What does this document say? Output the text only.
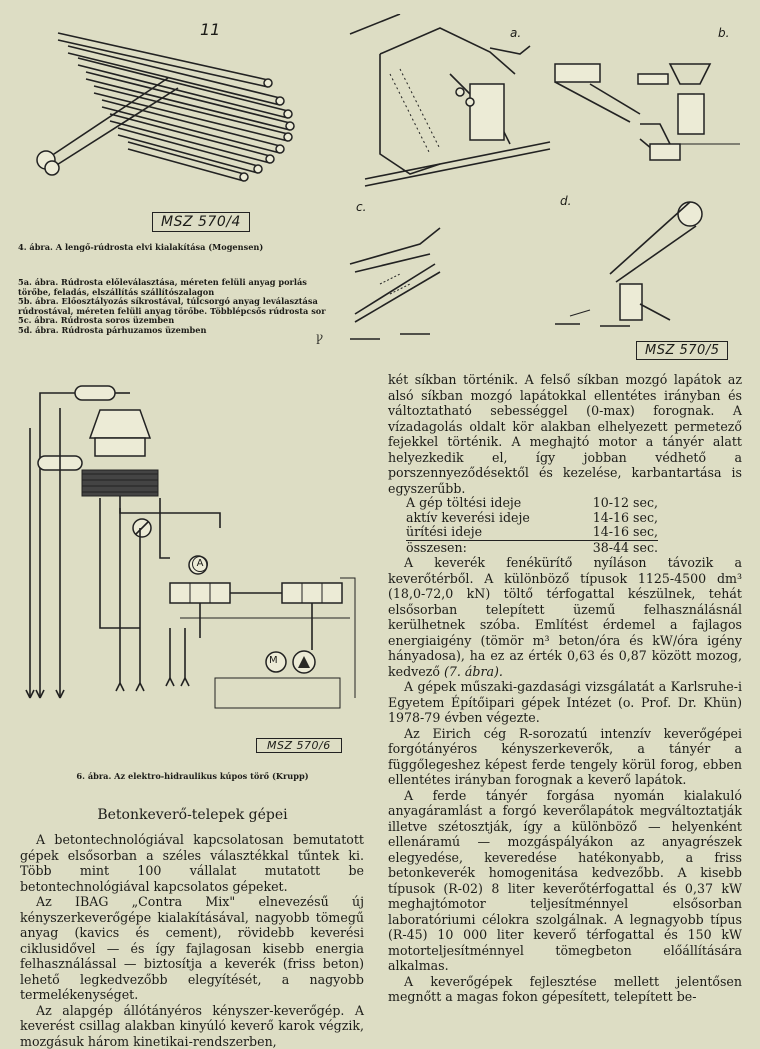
11
MSZ 570/4
4. ábra. A lengő-rúdrosta elvi kialakítása (Mogensen)
a.	b.
c.	d.
MSZ 570/5
5a. ábra. Rúdrosta előleválasztása, méreten felüli anyag porlás törőbe, feladás, elszállítás szállítószalagon
5b. ábra. Előosztályozás síkrostával, túlcsorgó anyag leválasztása rúdrostával, méreten felüli anyag törőbe. Többlépcsős rúdrosta sor
5c. ábra. Rúdrosta soros üzemben
5d. ábra. Rúdrosta párhuzamos üzemben
Ꝩ
A
M
MSZ 570/6
6. ábra. Az elektro-hidraulikus kúpos törő (Krupp)
Betonkeverő-telepek gépei

A betontechnológiával kapcsolatosan bemutatott gépek elsősorban a széles választékkal tűntek ki. Több mint 100 vállalat mutatott be betontechnológiával kapcsolatos gépeket.

Az IBAG „Contra Mix" elnevezésű új kényszerkeverőgépe kialakításával, nagyobb tömegű anyag (kavics és cement), rövidebb keverési ciklusidővel — és így fajlagosan kisebb energia felhasználással — biztosítja a keverék (friss beton) lehető legkedvezőbb elegyítését, a nagyobb termelékenységet.

Az alapgép állótányéros kényszer-keverőgép. A keverést csillag alakban kinyúló keverő karok végzik, mozgásuk három kinetikai-rendszerben,

két síkban történik. A felső síkban mozgó lapátok az alsó síkban mozgó lapátokkal ellentétes irányban és változtatható sebességgel (0-max) forognak. A vízadagolás oldalt kör alakban elhelyezett permetező fejekkel történik. A meghajtó motor a tányér alatt helyezkedik el, így jobban védhető a porszennyeződésektől és kezelése, karbantartása is egyszerűbb.

A gép töltési ideje	10-12 sec,
aktív keverési ideje	14-16 sec,
ürítési ideje	14-16 sec,
összesen:	38-44 sec.

A keverék fenékürítő nyíláson távozik a keverőtérből. A különböző típusok 1125-4500 dm³ (18,0-72,0 kN) töltő térfogattal készülnek, tehát elsősorban telepített üzemű felhasználásnál kerülhetnek szóba. Említést érdemel a fajlagos energiaigény (tömör m³ beton/óra és kW/óra igény hányadosa), ha ez az érték 0,63 és 0,87 között mozog, kedvező (7. ábra).

A gépek műszaki-gazdasági vizsgálatát a Karlsruhe-i Egyetem Építőipari gépek Intézet (o. Prof. Dr. Khün) 1978-79 évben végezte.

Az Eirich cég R-sorozatú intenzív keverőgépei forgótányéros kényszerkeverők, a tányér a függőlegeshez képest ferde tengely körül forog, ebben ellentétes irányban forognak a keverő lapátok.

A ferde tányér forgása nyomán kialakuló anyagáramlást a forgó keverőlapátok megváltoztatják illetve szétosztják, így a különböző — helyenként ellenáramú — mozgáspályákon az anyagrészek elegyedése, keveredése hatékonyabb, a friss betonkeverék homogenitása kedvezőbb. A kisebb típusok (R-02) 8 liter keverőtérfogattal és 0,37 kW meghajtómotor teljesítménnyel elsősorban laboratóriumi célokra szolgálnak. A legnagyobb típus (R-45) 10 000 liter keverő térfogattal és 150 kW motorteljesítménnyel tömegbeton előállítására alkalmas.

A keverőgépek fejlesztése mellett jelentősen megnőtt a magas fokon gépesített, telepített be-
